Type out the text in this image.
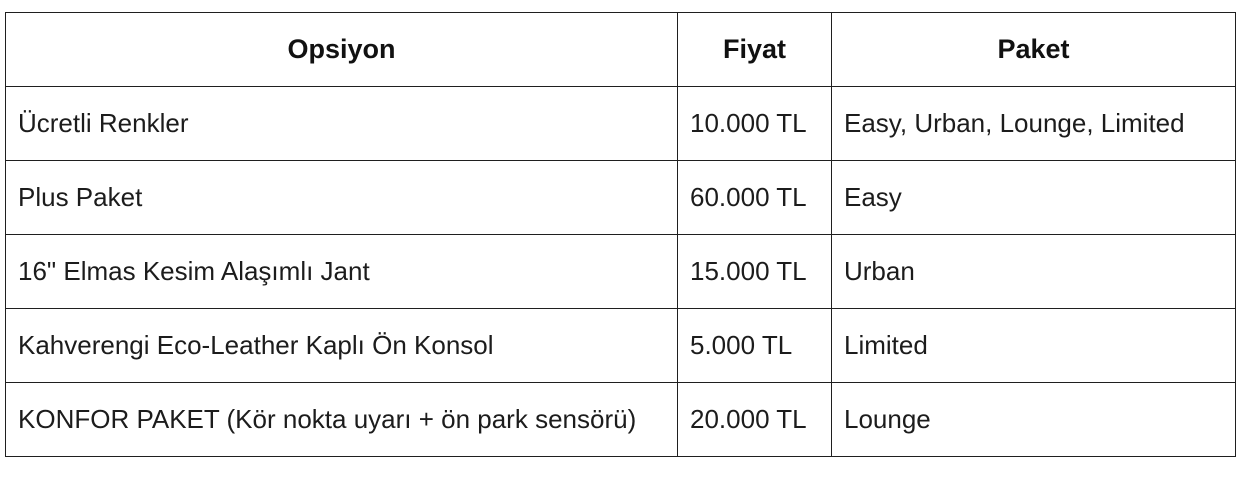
Opsiyon	Fiyat	Paket
Ücretli Renkler	10.000 TL	Easy, Urban, Lounge, Limited
Plus Paket	60.000 TL	Easy
16" Elmas Kesim Alaşımlı Jant	15.000 TL	Urban
Kahverengi Eco-Leather Kaplı Ön Konsol	5.000 TL	Limited
KONFOR PAKET (Kör nokta uyarı + ön park sensörü)	20.000 TL	Lounge
